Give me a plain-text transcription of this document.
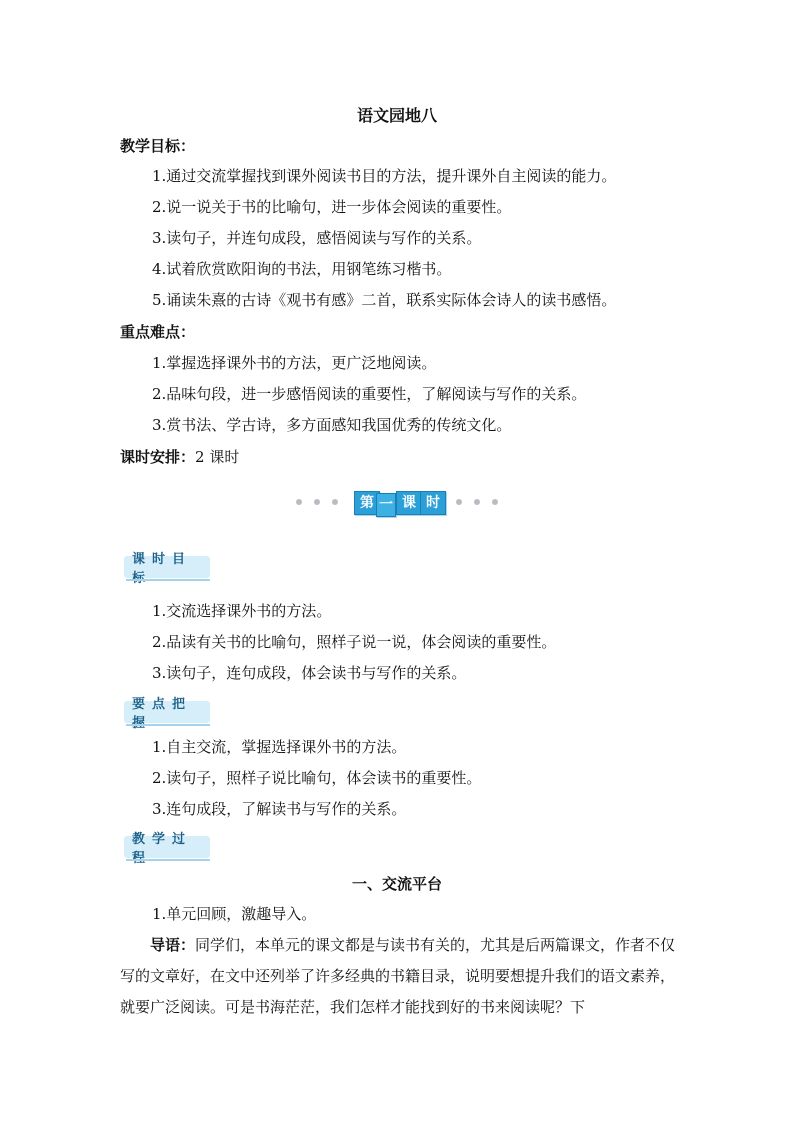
语文园地八
教学目标：
1.通过交流掌握找到课外阅读书目的方法，提升课外自主阅读的能力。
2.说一说关于书的比喻句，进一步体会阅读的重要性。
3.读句子，并连句成段，感悟阅读与写作的关系。
4.试着欣赏欧阳询的书法，用钢笔练习楷书。
5.诵读朱熹的古诗《观书有感》二首，联系实际体会诗人的读书感悟。
重点难点：
1.掌握选择课外书的方法，更广泛地阅读。
2.品味句段，进一步感悟阅读的重要性，了解阅读与写作的关系。
3.赏书法、学古诗，多方面感知我国优秀的传统文化。
课时安排：2 课时
第 一 课 时
课时目
1.交流选择课外书的方法。
2.品读有关书的比喻句，照样子说一说，体会阅读的重要性。
3.读句子，连句成段，体会读书与写作的关系。
要点把
1.自主交流，掌握选择课外书的方法。
2.读句子，照样子说比喻句，体会读书的重要性。
3.连句成段，了解读书与写作的关系。
教学过
一、交流平台
1.单元回顾，激趣导入。
导语：同学们，本单元的课文都是与读书有关的，尤其是后两篇课文，作者不仅写的文章好，在文中还列举了许多经典的书籍目录，说明要想提升我们的语文素养，就要广泛阅读。可是书海茫茫，我们怎样才能找到好的书来阅读呢？下
